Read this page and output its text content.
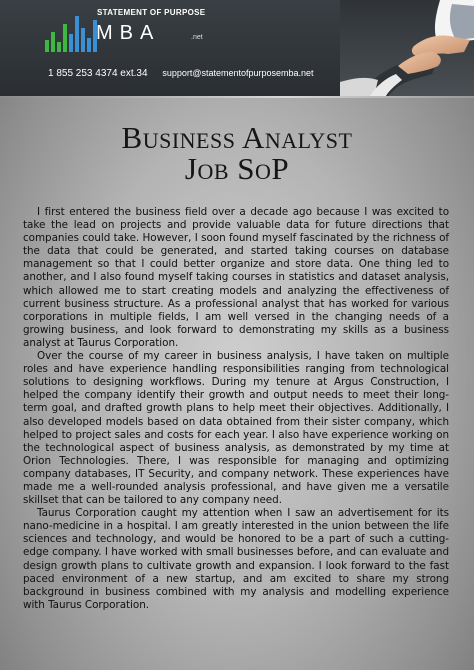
STATEMENT OF PURPOSE
MBA	.net
1 855 253 4374 ext.34 support@statementofpurposemba.net
Business Analyst
Job SoP

I first entered the business field over a decade ago because I was excited to take the lead on projects and provide valuable data for future directions that companies could take. However, I soon found myself fascinated by the richness of the data that could be generated, and started taking courses on database management so that I could better organize and store data. One thing led to another, and I also found myself taking courses in statistics and dataset analysis, which allowed me to start creating models and analyzing the effectiveness of current business structure. As a professional analyst that has worked for various corporations in multiple fields, I am well versed in the changing needs of a growing business, and look forward to demonstrating my skills as a business analyst at Taurus Corporation.

Over the course of my career in business analysis, I have taken on multiple roles and have experience handling responsibilities ranging from technological solutions to designing workflows. During my tenure at Argus Construction, I helped the company identify their growth and output needs to meet their long-term goal, and drafted growth plans to help meet their objectives. Additionally, I also developed models based on data obtained from their sister company, which helped to project sales and costs for each year. I also have experience working on the technological aspect of business analysis, as demonstrated by my time at Orion Technologies. There, I was responsible for managing and optimizing company databases, IT Security, and company network. These experiences have made me a well-rounded analysis professional, and have given me a versatile skillset that can be tailored to any company need.

Taurus Corporation caught my attention when I saw an advertisement for its nano-medicine in a hospital. I am greatly interested in the union between the life sciences and technology, and would be honored to be a part of such a cutting-edge company. I have worked with small businesses before, and can evaluate and design growth plans to cultivate growth and expansion. I look forward to the fast paced environment of a new startup, and am excited to share my strong background in business combined with my analysis and modelling experience with Taurus Corporation.
